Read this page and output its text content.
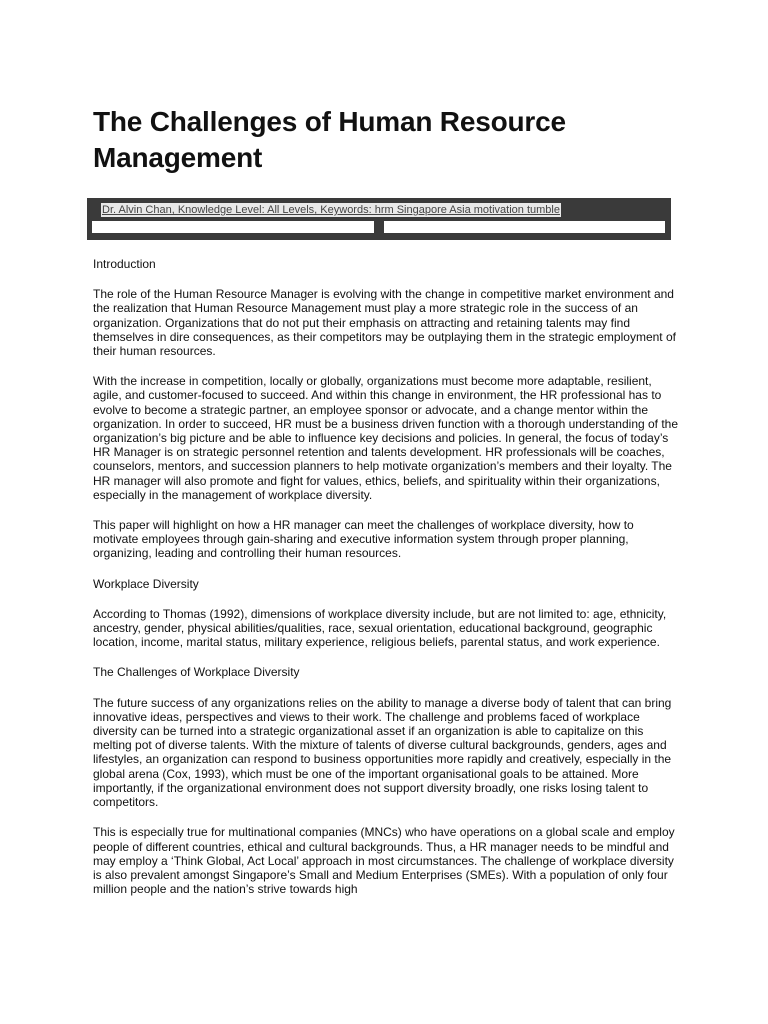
The Challenges of Human Resource Management
Dr. Alvin Chan, Knowledge Level: All Levels, Keywords: hrm Singapore Asia motivation tumble

Introduction

The role of the Human Resource Manager is evolving with the change in competitive market environment and the realization that Human Resource Management must play a more strategic role in the success of an organization. Organizations that do not put their emphasis on attracting and retaining talents may find themselves in dire consequences, as their competitors may be outplaying them in the strategic employment of their human resources.

With the increase in competition, locally or globally, organizations must become more adaptable, resilient, agile, and customer-focused to succeed. And within this change in environment, the HR professional has to evolve to become a strategic partner, an employee sponsor or advocate, and a change mentor within the organization. In order to succeed, HR must be a business driven function with a thorough understanding of the organization’s big picture and be able to influence key decisions and policies. In general, the focus of today’s HR Manager is on strategic personnel retention and talents development. HR professionals will be coaches, counselors, mentors, and succession planners to help motivate organization’s members and their loyalty. The HR manager will also promote and fight for values, ethics, beliefs, and spirituality within their organizations, especially in the management of workplace diversity.

This paper will highlight on how a HR manager can meet the challenges of workplace diversity, how to motivate employees through gain-sharing and executive information system through proper planning, organizing, leading and controlling their human resources.

Workplace Diversity

According to Thomas (1992), dimensions of workplace diversity include, but are not limited to: age, ethnicity, ancestry, gender, physical abilities/qualities, race, sexual orientation, educational background, geographic location, income, marital status, military experience, religious beliefs, parental status, and work experience.

The Challenges of Workplace Diversity

The future success of any organizations relies on the ability to manage a diverse body of talent that can bring innovative ideas, perspectives and views to their work. The challenge and problems faced of workplace diversity can be turned into a strategic organizational asset if an organization is able to capitalize on this melting pot of diverse talents. With the mixture of talents of diverse cultural backgrounds, genders, ages and lifestyles, an organization can respond to business opportunities more rapidly and creatively, especially in the global arena (Cox, 1993), which must be one of the important organisational goals to be attained. More importantly, if the organizational environment does not support diversity broadly, one risks losing talent to competitors.

This is especially true for multinational companies (MNCs) who have operations on a global scale and employ people of different countries, ethical and cultural backgrounds. Thus, a HR manager needs to be mindful and may employ a ‘Think Global, Act Local’ approach in most circumstances. The challenge of workplace diversity is also prevalent amongst Singapore’s Small and Medium Enterprises (SMEs). With a population of only four million people and the nation’s strive towards high
